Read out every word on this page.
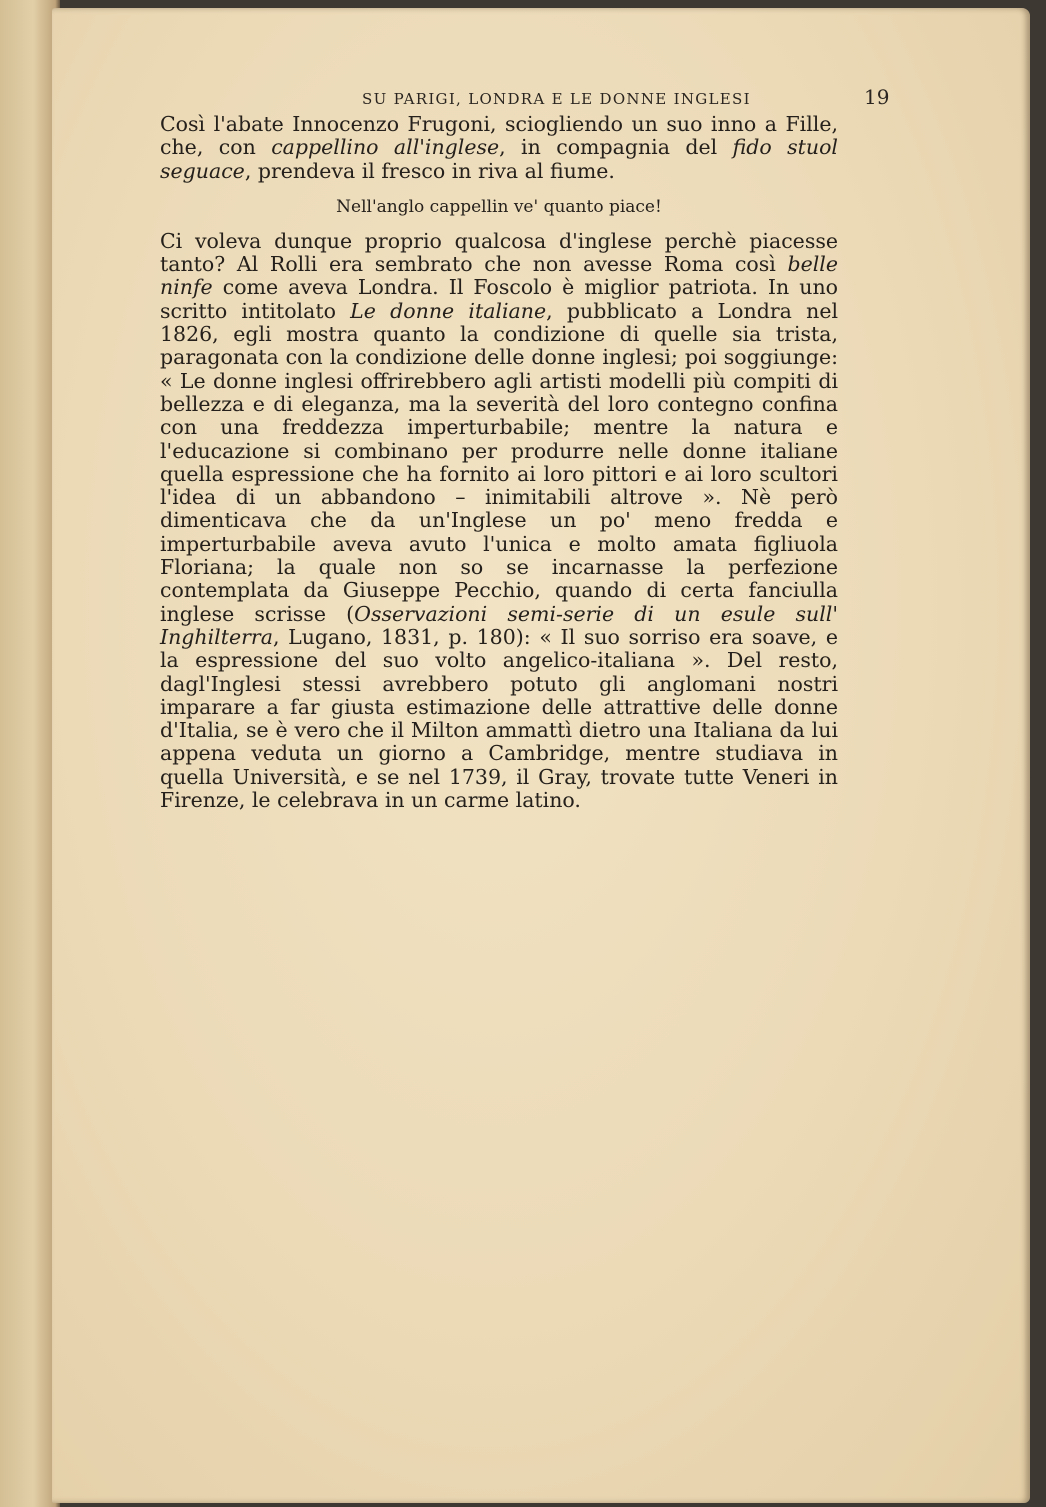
SU PARIGI, LONDRA E LE DONNE INGLESI	19

Così l'abate Innocenzo Frugoni, sciogliendo un suo inno a Fille, che, con cappellino all'inglese, in compagnia del fido stuol seguace, prendeva il fresco in riva al fiume.

Nell'anglo cappellin ve' quanto piace!

Ci voleva dunque proprio qualcosa d'inglese perchè piacesse tanto? Al Rolli era sembrato che non avesse Roma così belle ninfe come aveva Londra. Il Foscolo è miglior patriota. In uno scritto intitolato Le donne italiane, pubblicato a Londra nel 1826, egli mostra quanto la condizione di quelle sia trista, paragonata con la condizione delle donne inglesi; poi soggiunge: « Le donne inglesi offrirebbero agli artisti modelli più compiti di bellezza e di eleganza, ma la severità del loro contegno confina con una freddezza imperturbabile; mentre la natura e l'educazione si combinano per produrre nelle donne italiane quella espressione che ha fornito ai loro pittori e ai loro scultori l'idea di un abbandono – inimitabili altrove ». Nè però dimenticava che da un'Inglese un po' meno fredda e imperturbabile aveva avuto l'unica e molto amata figliuola Floriana; la quale non so se incarnasse la perfezione contemplata da Giuseppe Pecchio, quando di certa fanciulla inglese scrisse (Osservazioni semi-serie di un esule sull' Inghilterra, Lugano, 1831, p. 180): « Il suo sorriso era soave, e la espressione del suo volto angelico-italiana ». Del resto, dagl'Inglesi stessi avrebbero potuto gli anglomani nostri imparare a far giusta estimazione delle attrattive delle donne d'Italia, se è vero che il Milton ammattì dietro una Italiana da lui appena veduta un giorno a Cambridge, mentre studiava in quella Università, e se nel 1739, il Gray, trovate tutte Veneri in Firenze, le celebrava in un carme latino.
